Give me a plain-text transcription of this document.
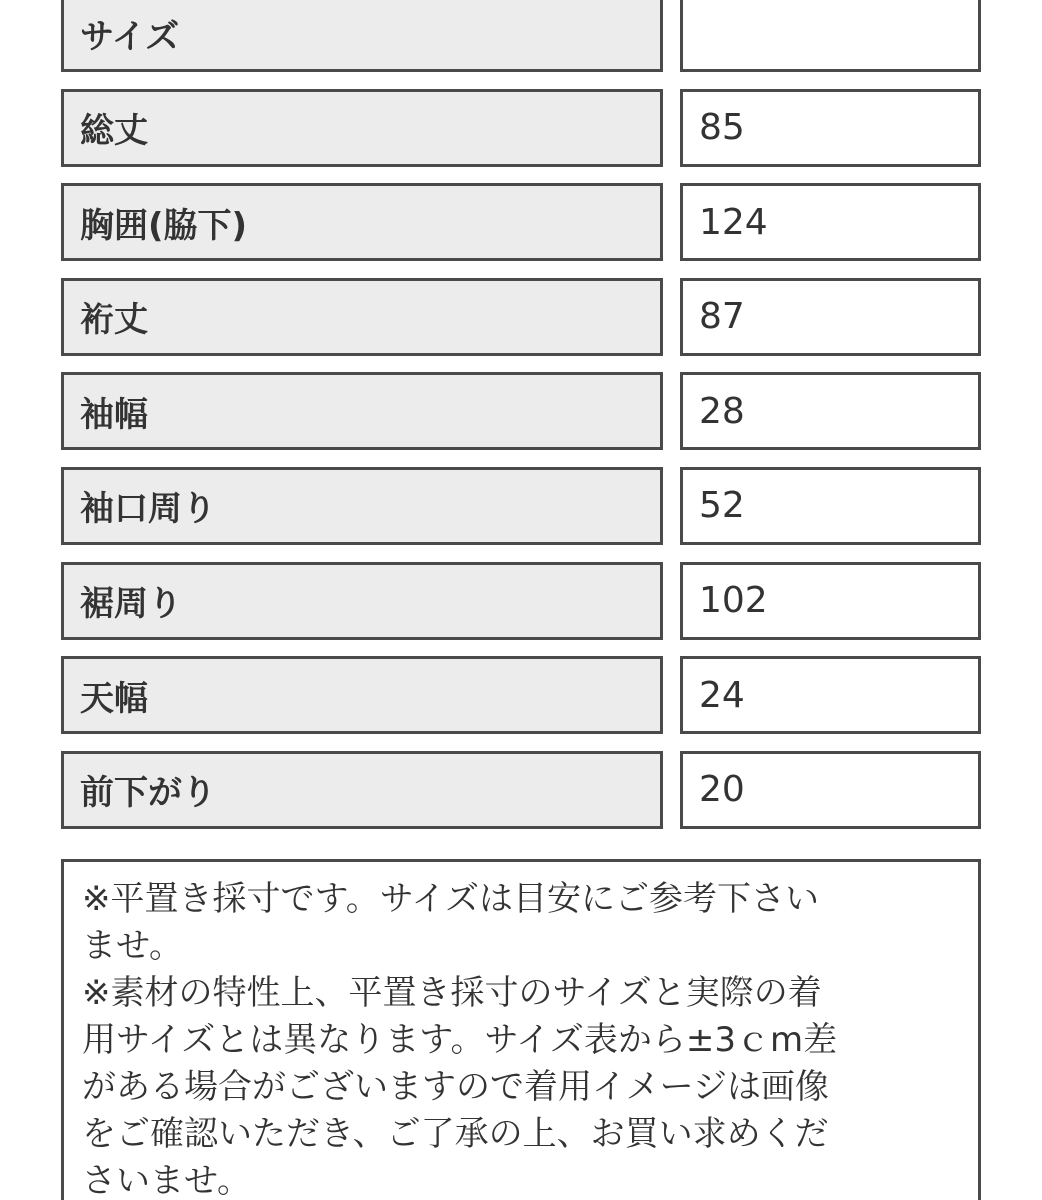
サイズ
総丈	85
胸囲(脇下)	124
裄丈	87
袖幅	28
袖口周り	52
裾周り	102
天幅	24
前下がり	20
※平置き採寸です。サイズは目安にご参考下さい
ませ。
※素材の特性上、平置き採寸のサイズと実際の着
用サイズとは異なります。サイズ表から±3ｃm差
がある場合がございますので着用イメージは画像
をご確認いただき、ご了承の上、お買い求めくだ
さいませ。
